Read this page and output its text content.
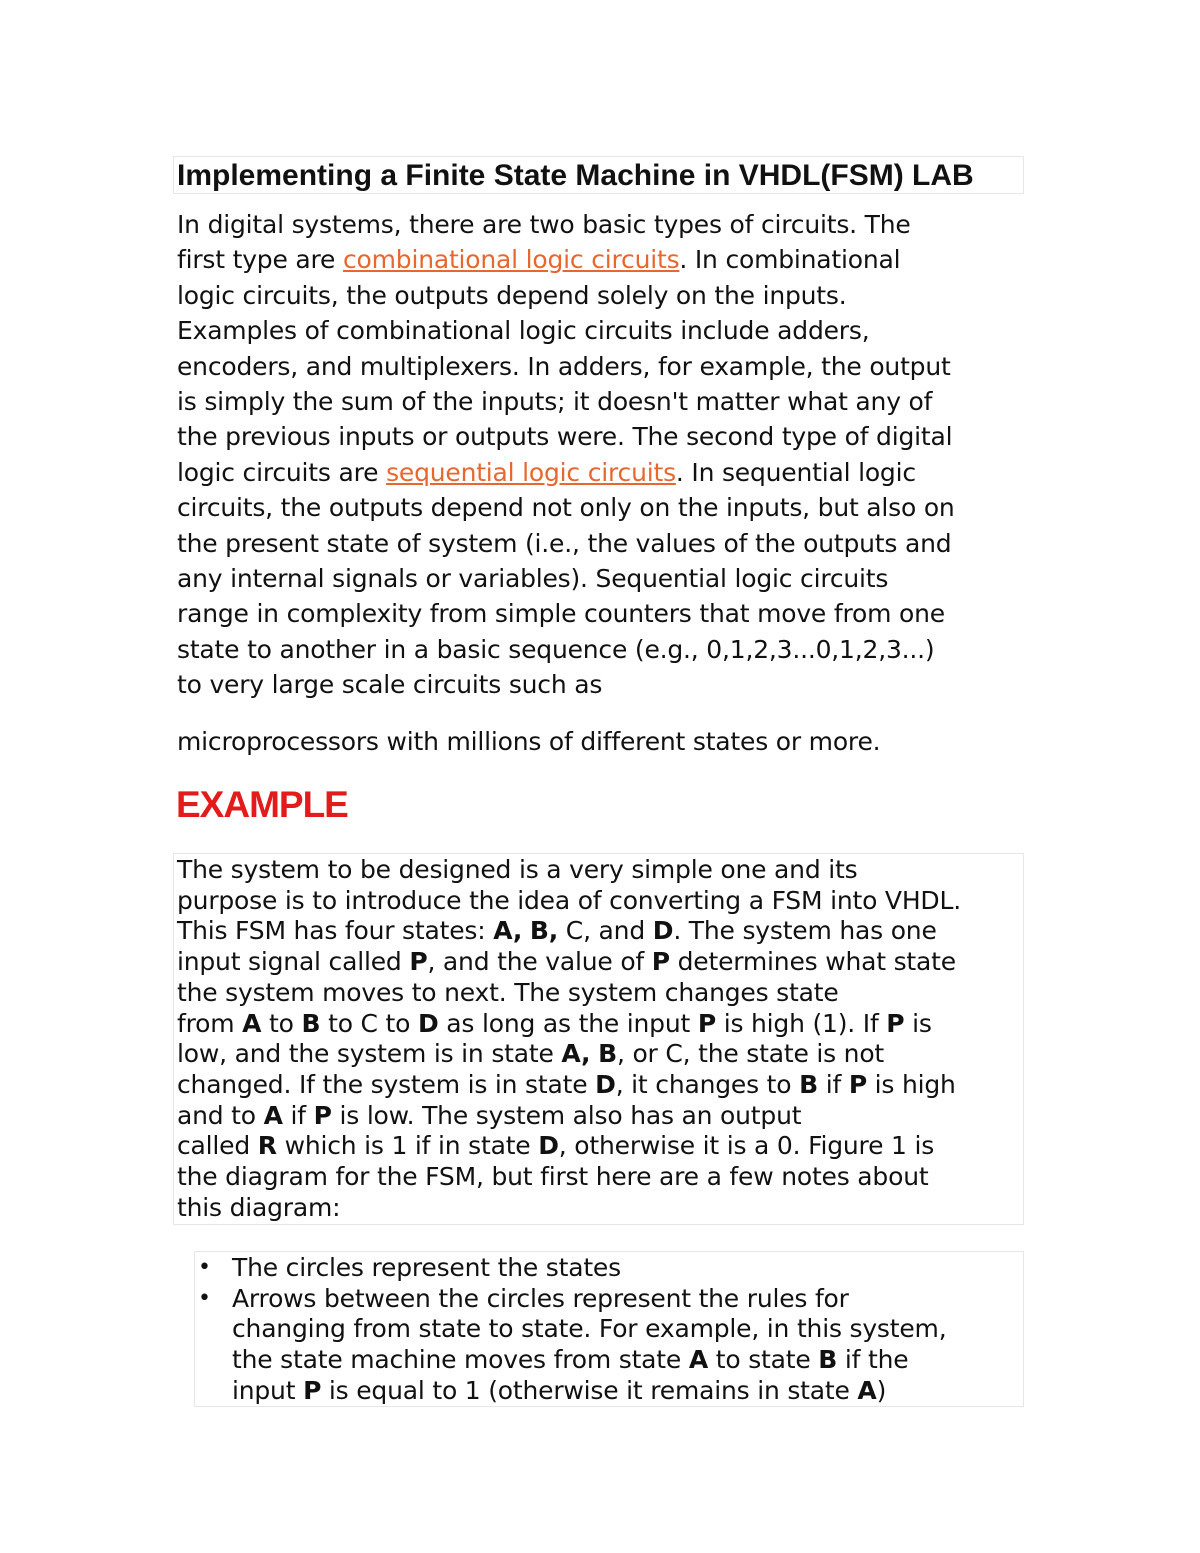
Implementing a Finite State Machine in VHDL(FSM) LAB

In digital systems, there are two basic types of circuits. The
first type are combinational logic circuits. In combinational
logic circuits, the outputs depend solely on the inputs.
Examples of combinational logic circuits include adders,
encoders, and multiplexers. In adders, for example, the output
is simply the sum of the inputs; it doesn't matter what any of
the previous inputs or outputs were. The second type of digital
logic circuits are sequential logic circuits. In sequential logic
circuits, the outputs depend not only on the inputs, but also on
the present state of system (i.e., the values of the outputs and
any internal signals or variables). Sequential logic circuits
range in complexity from simple counters that move from one
state to another in a basic sequence (e.g., 0,1,2,3...0,1,2,3...)
to very large scale circuits such as

microprocessors with millions of different states or more.

EXAMPLE

The system to be designed is a very simple one and its
purpose is to introduce the idea of converting a FSM into VHDL.
This FSM has four states: A, B, C, and D. The system has one
input signal called P, and the value of P determines what state
the system moves to next. The system changes state
from A to B to C to D as long as the input P is high (1). If P is
low, and the system is in state A, B, or C, the state is not
changed. If the system is in state D, it changes to B if P is high
and to A if P is low. The system also has an output
called R which is 1 if in state D, otherwise it is a 0. Figure 1 is
the diagram for the FSM, but first here are a few notes about
this diagram:

• The circles represent the states
• Arrows between the circles represent the rules for
changing from state to state. For example, in this system,
the state machine moves from state A to state B if the
input P is equal to 1 (otherwise it remains in state A)
